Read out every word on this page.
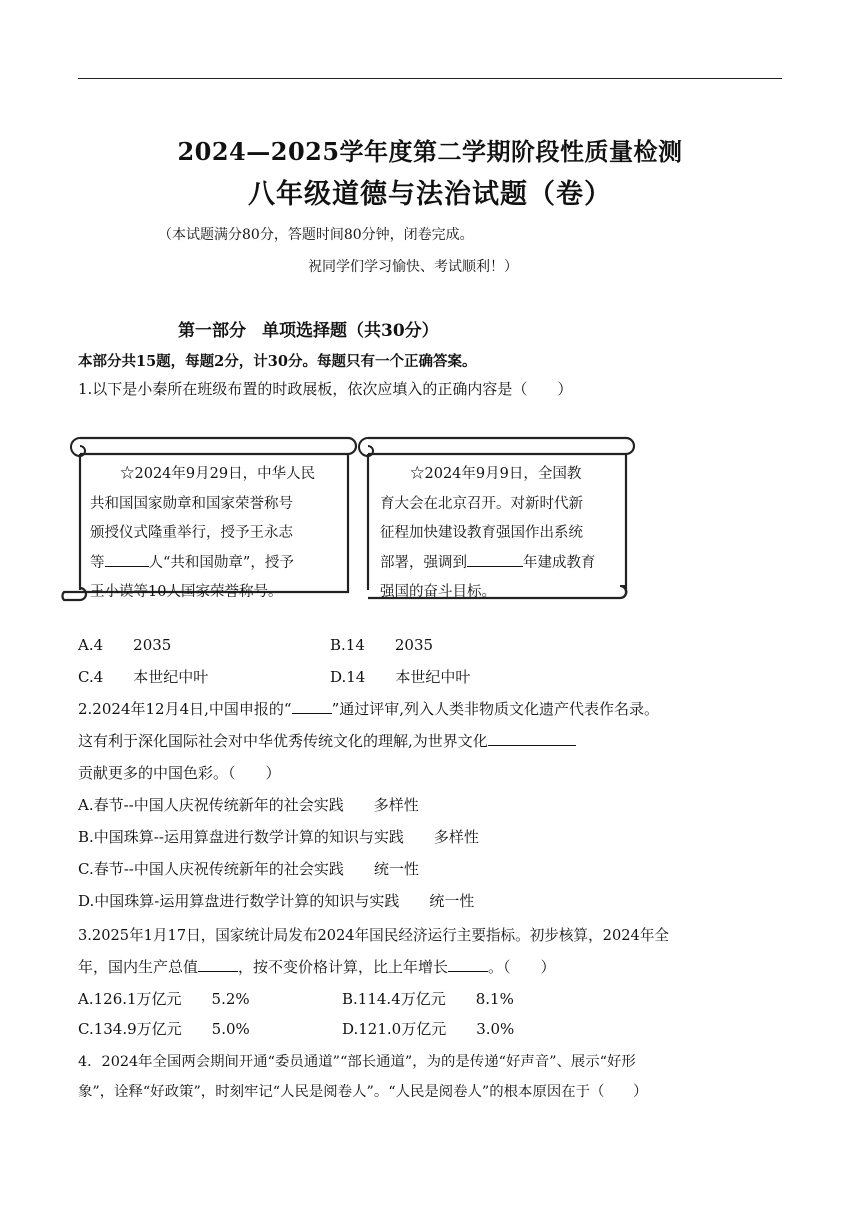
2024—2025学年度第二学期阶段性质量检测
八年级道德与法治试题（卷）
（本试题满分80分，答题时间80分钟，闭卷完成。
祝同学们学习愉快、考试顺利！）
第一部分 单项选择题（共30分）
本部分共15题，每题2分，计30分。每题只有一个正确答案。
1.以下是小秦所在班级布置的时政展板，依次应填入的正确内容是（　　）
☆2024年9月29日，中华人民
共和国国家勋章和国家荣誉称号
颁授仪式隆重举行，授予王永志
等	人“共和国勋章”，授予
王小谟等10人国家荣誉称号。
☆2024年9月9日，全国教
育大会在北京召开。对新时代新
征程加快建设教育强国作出系统
部署，强调到	年建成教育
强国的奋斗目标。
A.4　　2035	B.14　　2035
C.4　　本世纪中叶	D.14　　本世纪中叶
2.2024年12月4日,中国申报的“	”通过评审,列入人类非物质文化遗产代表作名录。
这有利于深化国际社会对中华优秀传统文化的理解,为世界文化
贡献更多的中国色彩。（　　）
A.春节--中国人庆祝传统新年的社会实践　　多样性
B.中国珠算--运用算盘进行数学计算的知识与实践　　多样性
C.春节--中国人庆祝传统新年的社会实践　　统一性
D.中国珠算-运用算盘进行数学计算的知识与实践　　统一性
3.2025年1月17日，国家统计局发布2024年国民经济运行主要指标。初步核算，2024年全
年，国内生产总值	，按不变价格计算，比上年增长	。（　　）
A.126.1万亿元　　5.2%	B.114.4万亿元　　8.1%
C.134.9万亿元　　5.0%	D.121.0万亿元　　3.0%
4．2024年全国两会期间开通“委员通道”“部长通道”，为的是传递“好声音”、展示“好形
象”，诠释“好政策”，时刻牢记“人民是阅卷人”。“人民是阅卷人”的根本原因在于（　　）
